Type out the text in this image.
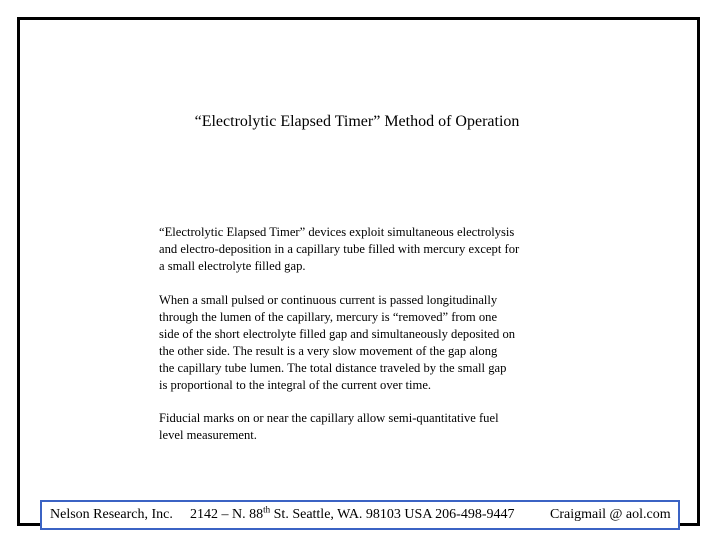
“Electrolytic Elapsed Timer” Method of Operation
“Electrolytic Elapsed Timer” devices exploit simultaneous electrolysis
and electro-deposition in a capillary tube filled with mercury except for
a small electrolyte filled gap.
When a small pulsed or continuous current is passed longitudinally
through the lumen of the capillary, mercury is “removed” from one
side of the short electrolyte filled gap and simultaneously deposited on
the other side. The result is a very slow movement of the gap along
the capillary tube lumen. The total distance traveled by the small gap
is proportional to the integral of the current over time.
Fiducial marks on or near the capillary allow semi-quantitative fuel
level measurement.
Nelson Research, Inc. 2142 – N. 88th St. Seattle, WA. 98103 USA 206-498-9447	Craigmail @ aol.com
